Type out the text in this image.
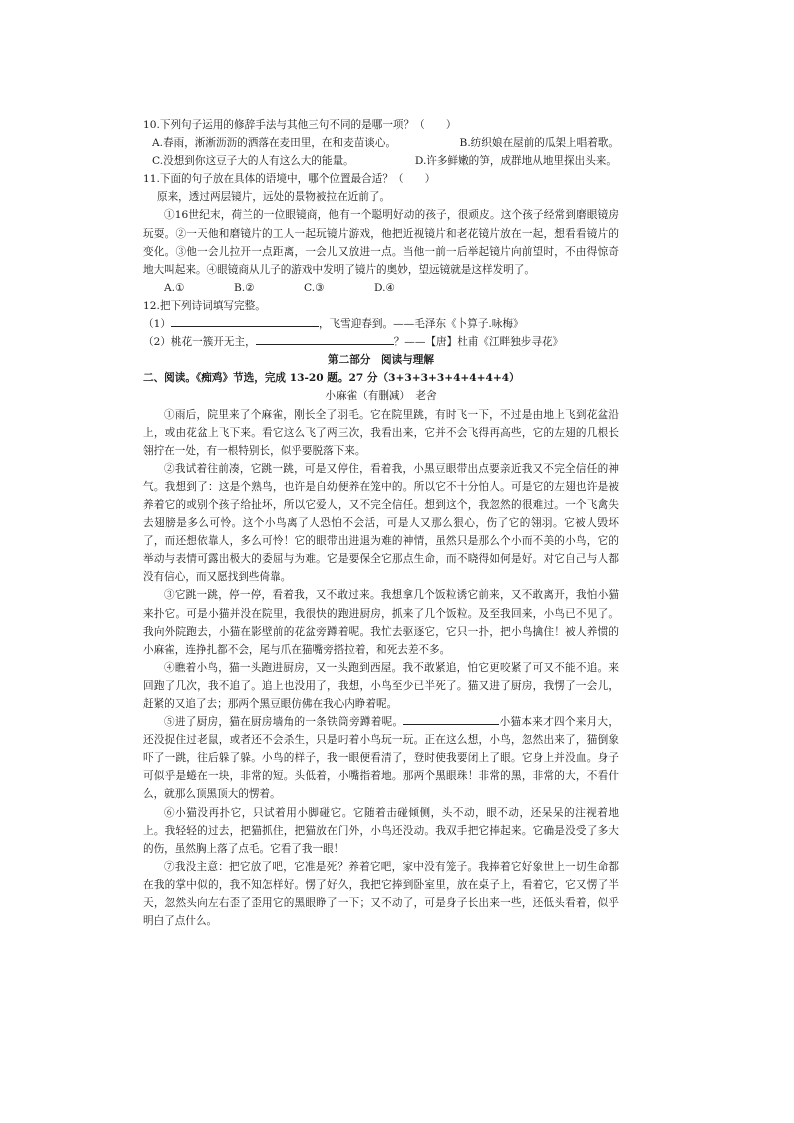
10.下列句子运用的修辞手法与其他三句不同的是哪一项？（　　）
A.春雨，淅淅沥沥的洒落在麦田里，在和麦苗谈心。	B.纺织娘在屋前的瓜架上唱着歌。
C.没想到你这豆子大的人有这么大的能量。	D.许多鲜嫩的笋，成群地从地里探出头来。
11.下面的句子放在具体的语境中，哪个位置最合适？（　　）
原来，透过两层镜片，远处的景物被拉在近前了。
①16世纪末，荷兰的一位眼镜商，他有一个聪明好动的孩子，很顽皮。这个孩子经常到磨眼镜房玩耍。②一天他和磨镜片的工人一起玩镜片游戏，他把近视镜片和老花镜片放在一起，想看看镜片的变化。③他一会儿拉开一点距离，一会儿又放进一点。当他一前一后举起镜片向前望时，不由得惊奇地大叫起来。④眼镜商从儿子的游戏中发明了镜片的奥妙，望远镜就是这样发明了。
A.①	B.②	C.③	D.④
12.把下列诗词填写完整。
（1）	，飞雪迎春到。——毛泽东《卜算子.咏梅》
（2）桃花一簇开无主，	？——【唐】杜甫《江畔独步寻花》
第二部分　阅读与理解
二、阅读。《痴鸡》节选，完成 13-20 题。27 分（3+3+3+3+4+4+4+4）
小麻雀（有删减）　老舍
①雨后，院里来了个麻雀，刚长全了羽毛。它在院里跳，有时飞一下，不过是由地上飞到花盆沿上，或由花盆上飞下来。看它这么飞了两三次，我看出来，它并不会飞得再高些，它的左翅的几根长翎拧在一处，有一根特别长，似乎要脱落下来。
②我试着往前凑，它跳一跳，可是又停住，看着我，小黑豆眼带出点要亲近我又不完全信任的神气。我想到了：这是个熟鸟，也许是自幼便养在笼中的。所以它不十分怕人。可是它的左翅也许是被养着它的或别个孩子给扯坏，所以它爱人，又不完全信任。想到这个，我忽然的很难过。一个飞禽失去翅膀是多么可怜。这个小鸟离了人恐怕不会活，可是人又那么狠心，伤了它的翎羽。它被人毁坏了，而还想依靠人，多么可怜！它的眼带出进退为难的神情，虽然只是那么个小而不美的小鸟，它的举动与表情可露出极大的委屈与为难。它是要保全它那点生命，而不晓得如何是好。对它自己与人都没有信心，而又愿找到些倚靠。
③它跳一跳，停一停，看着我，又不敢过来。我想拿几个饭粒诱它前来，又不敢离开，我怕小猫来扑它。可是小猫并没在院里，我很快的跑进厨房，抓来了几个饭粒。及至我回来，小鸟已不见了。我向外院跑去，小猫在影壁前的花盆旁蹲着呢。我忙去驱逐它，它只一扑，把小鸟擒住！被人养惯的小麻雀，连挣扎都不会，尾与爪在猫嘴旁搭拉着，和死去差不多。
④瞧着小鸟，猫一头跑进厨房，又一头跑到西屋。我不敢紧追，怕它更咬紧了可又不能不追。来回跑了几次，我不追了。追上也没用了，我想，小鸟至少已半死了。猫又进了厨房，我愣了一会儿，赶紧的又追了去；那两个黑豆眼仿佛在我心内睁着呢。
⑤进了厨房，猫在厨房墙角的一条铁筒旁蹲着呢。	小猫本来才四个来月大，还没捉住过老鼠，或者还不会杀生，只是叼着小鸟玩一玩。正在这么想，小鸟，忽然出来了，猫倒象吓了一跳，往后躲了躲。小鸟的样子，我一眼便看清了，登时使我要闭上了眼。它身上并没血。身子可似乎是蜷在一块，非常的短。头低着，小嘴指着地。那两个黑眼珠！非常的黑，非常的大，不看什么，就那么顶黑顶大的愣着。
⑥小猫没再扑它，只试着用小脚碰它。它随着击碰倾侧，头不动，眼不动，还呆呆的注视着地上。我轻轻的过去，把猫抓住，把猫放在门外，小鸟还没动。我双手把它捧起来。它确是没受了多大的伤，虽然胸上落了点毛。它看了我一眼！
⑦我没主意：把它放了吧，它准是死？养着它吧，家中没有笼子。我捧着它好象世上一切生命都在我的掌中似的，我不知怎样好。愣了好久，我把它捧到卧室里，放在桌子上，看着它，它又愣了半天，忽然头向左右歪了歪用它的黑眼睁了一下；又不动了，可是身子长出来一些，还低头看着，似乎明白了点什么。
